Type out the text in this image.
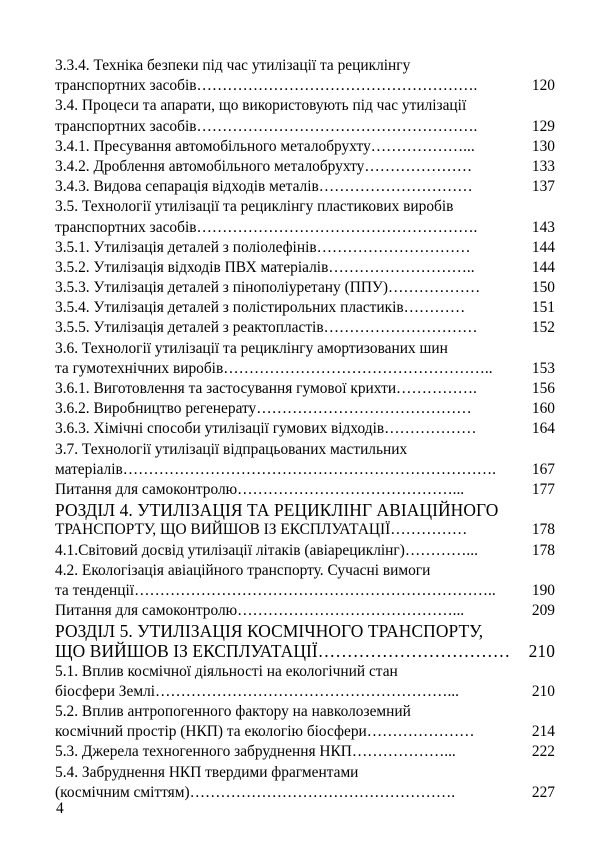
3.3.4. Техніка безпеки під час утилізації та рециклінгу
транспортних засобів……………………………………………….	120
3.4. Процеси та апарати, що використовують під час утилізації
транспортних засобів……………………………………………….	129
3.4.1. Пресування автомобільного металобрухту………………...	130
3.4.2. Дроблення автомобільного металобрухту…………………	133
3.4.3. Видова сепарація відходів металів…………………………	137
3.5. Технології утилізації та рециклінгу пластикових виробів
транспортних засобів……………………………………………….	143
3.5.1. Утилізація деталей з поліолефінів…………………………	144
3.5.2. Утилізація відходів ПВХ матеріалів………………………..	144
3.5.3. Утилізація деталей з пінополіуретану (ППУ)………………	150
3.5.4. Утилізація деталей з полістирольних пластиків…………	151
3.5.5. Утилізація деталей з реактопластів…………………………	152
3.6. Технології утилізації та рециклінгу амортизованих шин
та гумотехнічних виробів……………………………………………..	153
3.6.1. Виготовлення та застосування гумової крихти…………….	156
3.6.2. Виробництво регенерату……………………………………	160
3.6.3. Хімічні способи утилізації гумових відходів………………	164
3.7. Технології утилізації відпрацьованих мастильних
матеріалів……………………………………………………………….	167
Питання для самоконтролю……………………………………...	177
РОЗДІЛ 4. УТИЛІЗАЦІЯ ТА РЕЦИКЛІНГ АВІАЦІЙНОГО
ТРАНСПОРТУ, ЩО ВИЙШОВ ІЗ ЕКСПЛУАТАЦІЇ……………	178
4.1.Світовий досвід утилізації літаків (авіарециклінг)…………...	178
4.2. Екологізація авіаційного транспорту. Сучасні вимоги
та тенденції……………………………………………………………..	190
Питання для самоконтролю……………………………………...	209
РОЗДІЛ 5. УТИЛІЗАЦІЯ КОСМІЧНОГО ТРАНСПОРТУ,
ЩО ВИЙШОВ ІЗ ЕКСПЛУАТАЦІЇ……………………………	210
5.1. Вплив космічної діяльності на екологічний стан
біосфери Землі…………………………………………………...	210
5.2. Вплив антропогенного фактору на навколоземний
космічний простір (НКП) та екологію біосфери…………………	214
5.3. Джерела техногенного забруднення НКП………………...	222
5.4. Забруднення НКП твердими фрагментами
(космічним сміттям)…………………………………………….	227
4
